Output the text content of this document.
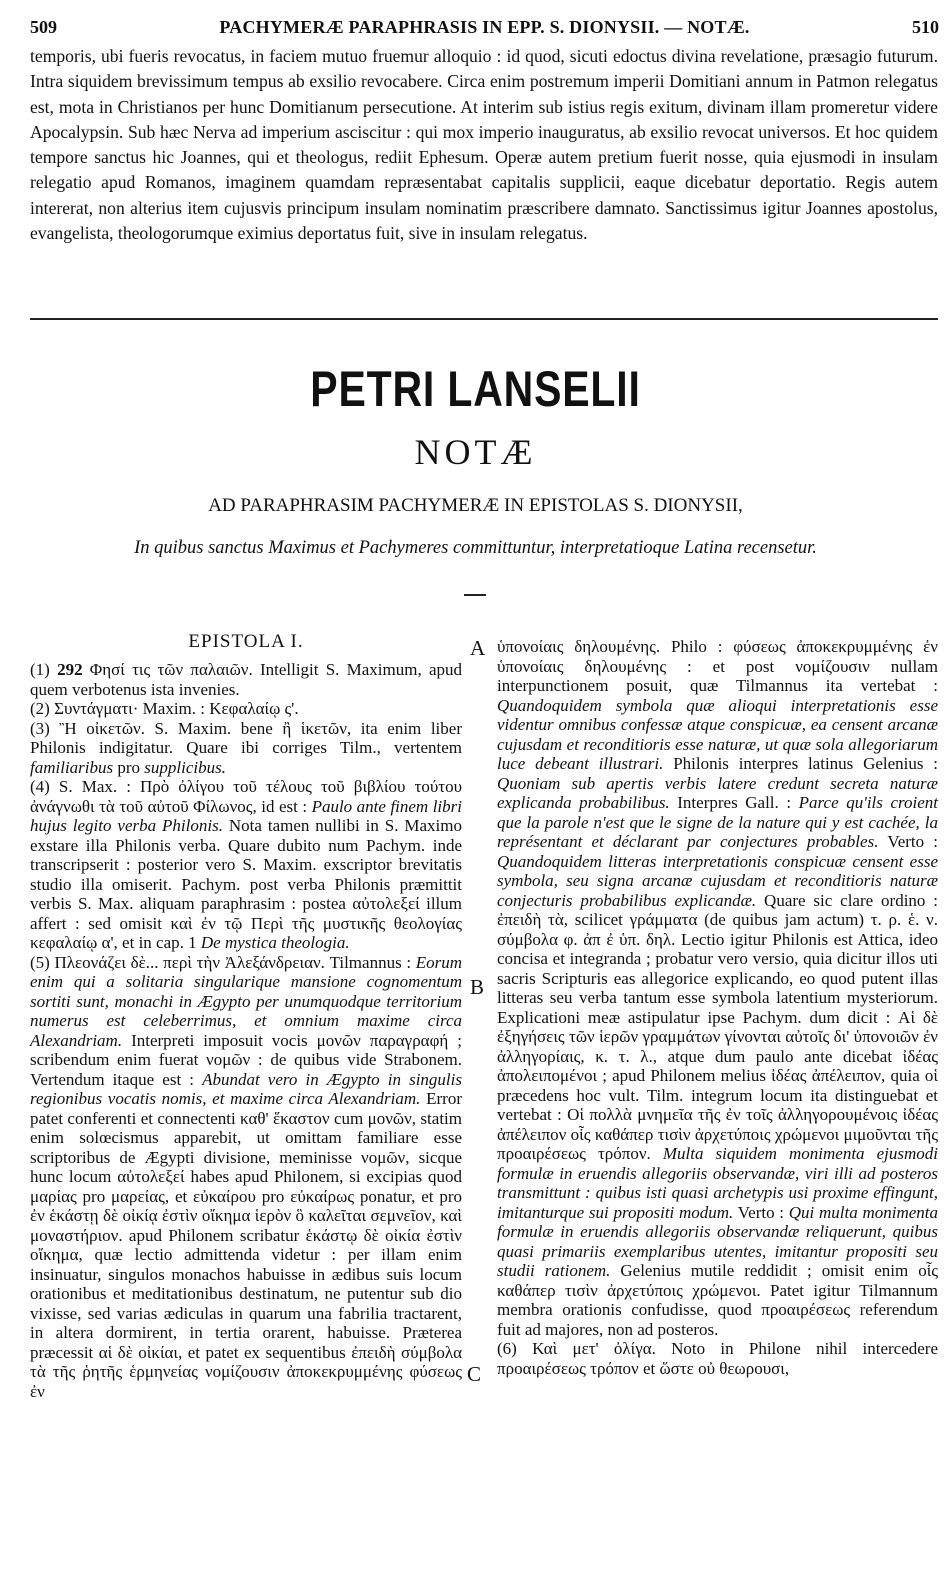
509	PACHYMERÆ PARAPHRASIS IN EPP. S. DIONYSII. — NOTÆ.	510

temporis, ubi fueris revocatus, in faciem mutuo fruemur alloquio : id quod, sicuti edoctus divina revelatione, præsagio futurum. Intra siquidem brevissimum tempus ab exsilio revocabere. Circa enim postremum imperii Domitiani annum in Patmon relegatus est, mota in Christianos per hunc Domitianum persecutione. At interim sub istius regis exitum, divinam illam promeretur videre Apocalypsin. Sub hæc Nerva ad imperium asciscitur : qui mox imperio inauguratus, ab exsilio revocat universos. Et hoc quidem tempore sanctus hic Joannes, qui et theologus, rediit Ephesum. Operæ autem pretium fuerit nosse, quia ejusmodi in insulam relegatio apud Romanos, imaginem quamdam repræsentabat capitalis supplicii, eaque dicebatur deportatio. Regis autem intererat, non alterius item cujusvis principum insulam nominatim præscribere damnato. Sanctissimus igitur Joannes apostolus, evangelista, theologorumque eximius deportatus fuit, sive in insulam relegatus.

PETRI LANSELII
NOTÆ
AD PARAPHRASIM PACHYMERÆ IN EPISTOLAS S. DIONYSII,
In quibus sanctus Maximus et Pachymeres committuntur, interpretatioque Latina recensetur.
EPISTOLA I.	A
B
C

(1) 292 Φησί τις τῶν παλαιῶν. Intelligit S. Maximum, apud quem verbotenus ista invenies.

(2) Συντάγματι· Maxim. : Κεφαλαίῳ ς'.

(3) Ἢ οἰκετῶν. S. Maxim. bene ἢ ἱκετῶν, ita enim liber Philonis indigitatur. Quare ibi corriges Tilm., vertentem familiaribus pro supplicibus.

(4) S. Max. : Πρὸ ὀλίγου τοῦ τέλους τοῦ βιβλίου τούτου ἀνάγνωθι τὰ τοῦ αὐτοῦ Φίλωνος, id est : Paulo ante finem libri hujus legito verba Philonis. Nota tamen nullibi in S. Maximo exstare illa Philonis verba. Quare dubito num Pachym. inde transcripserit : posterior vero S. Maxim. exscriptor brevitatis studio illa omiserit. Pachym. post verba Philonis præmittit verbis S. Max. aliquam paraphrasim : postea αὐτολεξεί illum affert : sed omisit καὶ ἐν τῷ Περὶ τῆς μυστικῆς θεολογίας κεφαλαίῳ α', et in cap. 1 De mystica theologia.

(5) Πλεονάζει δὲ... περὶ τὴν Ἀλεξάνδρειαν. Tilmannus : Eorum enim qui a solitaria singularique mansione cognomentum sortiti sunt, monachi in Ægypto per unumquodque territorium numerus est celeberrimus, et omnium maxime circa Alexandriam. Interpreti imposuit vocis μονῶν παραγραφή ; scribendum enim fuerat νομῶν : de quibus vide Strabonem. Vertendum itaque est : Abundat vero in Ægypto in singulis regionibus vocatis nomis, et maxime circa Alexandriam. Error patet conferenti et connectenti καθ' ἕκαστον cum μονῶν, statim enim solœcismus apparebit, ut omittam familiare esse scriptoribus de Ægypti divisione, meminisse νομῶν, sicque hunc locum αὐτολεξεί habes apud Philonem, si excipias quod μαρίας pro μαρείας, et εὐκαίρου pro εὐκαίρως ponatur, et pro ἐν ἑκάστῃ δὲ οἰκίᾳ ἐστὶν οἴκημα ἱερὸν ὃ καλεῖται σεμνεῖον, καὶ μοναστήριον. apud Philonem scribatur ἑκάστῳ δὲ οἰκία ἐστὶν οἴκημα, quæ lectio admittenda videtur : per illam enim insinuatur, singulos monachos habuisse in ædibus suis locum orationibus et meditationibus destinatum, ne putentur sub dio vixisse, sed varias ædiculas in quarum una fabrilia tractarent, in altera dormirent, in tertia orarent, habuisse. Præterea præcessit αἱ δὲ οἰκίαι, et patet ex sequentibus ἐπειδὴ σύμβολα τὰ τῆς ῥητῆς ἑρμηνείας νομίζουσιν ἀποκεκρυμμένης φύσεως ἐν

ὑπονοίαις δηλουμένης. Philo : φύσεως ἀποκεκρυμμένης ἐν ὑπονοίαις δηλουμένης : et post νομίζουσιν nullam interpunctionem posuit, quæ Tilmannus ita vertebat : Quandoquidem symbola quæ alioqui interpretationis esse videntur omnibus confessæ atque conspicuæ, ea censent arcanæ cujusdam et reconditioris esse naturæ, ut quæ sola allegoriarum luce debeant illustrari. Philonis interpres latinus Gelenius : Quoniam sub apertis verbis latere credunt secreta naturæ explicanda probabilibus. Interpres Gall. : Parce qu'ils croient que la parole n'est que le signe de la nature qui y est cachée, la représentant et déclarant par conjectures probables. Verto : Quandoquidem litteras interpretationis conspicuæ censent esse symbola, seu signa arcanæ cujusdam et reconditioris naturæ conjecturis probabilibus explicandæ. Quare sic clare ordino : ἐπειδὴ τὰ, scilicet γράμματα (de quibus jam actum) τ. ρ. ἑ. ν. σύμβολα φ. ἀπ ἐ ὑπ. δηλ. Lectio igitur Philonis est Attica, ideo concisa et integranda ; probatur vero versio, quia dicitur illos uti sacris Scripturis eas allegorice explicando, eo quod putent illas litteras seu verba tantum esse symbola latentium mysteriorum. Explicationi meæ astipulatur ipse Pachym. dum dicit : Αἱ δὲ ἐξηγήσεις τῶν ἱερῶν γραμμάτων γίνονται αὐτοῖς δι' ὑπονοιῶν ἐν ἀλληγορίαις, κ. τ. λ., atque dum paulo ante dicebat ἰδέας ἀπολειπομένοι ; apud Philonem melius ἰδέας ἀπέλειπον, quia οἱ præcedens hoc vult. Tilm. integrum locum ita distinguebat et vertebat : Οἱ πολλὰ μνημεῖα τῆς ἐν τοῖς ἀλληγορουμένοις ἰδέας ἀπέλειπον οἷς καθάπερ τισὶν ἀρχετύποις χρώμενοι μιμοῦνται τῆς προαιρέσεως τρόπον. Multa siquidem monimenta ejusmodi formulæ in eruendis allegoriis observandæ, viri illi ad posteros transmittunt : quibus isti quasi archetypis usi proxime effingunt, imitanturque sui propositi modum. Verto : Qui multa monimenta formulæ in eruendis allegoriis observandæ reliquerunt, quibus quasi primariis exemplaribus utentes, imitantur propositi seu studii rationem. Gelenius mutile reddidit ; omisit enim οἷς καθάπερ τισὶν ἀρχετύποις χρώμενοι. Patet igitur Tilmannum membra orationis confudisse, quod προαιρέσεως referendum fuit ad majores, non ad posteros.

(6) Καὶ μετ' ὀλίγα. Noto in Philone nihil intercedere προαιρέσεως τρόπον et ὥστε οὐ θεωρουσι,
